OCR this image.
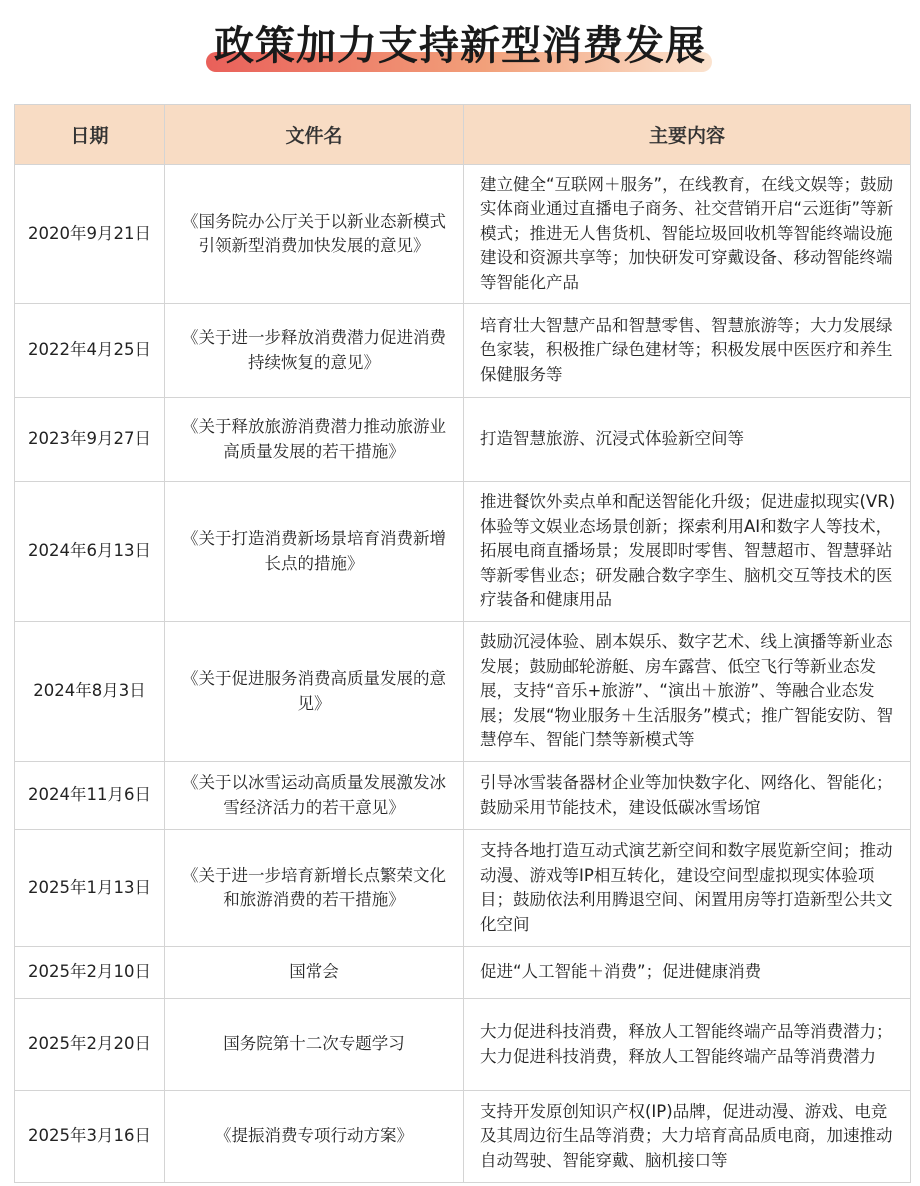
政策加力支持新型消费发展
日期	文件名	主要内容
2020年9月21日	《国务院办公厅关于以新业态新模式引领新型消费加快发展的意见》	建立健全“互联网＋服务”，在线教育，在线文娱等；鼓励实体商业通过直播电子商务、社交营销开启“云逛街”等新模式；推进无人售货机、智能垃圾回收机等智能终端设施建设和资源共享等；加快研发可穿戴设备、移动智能终端等智能化产品
2022年4月25日	《关于进一步释放消费潜力促进消费持续恢复的意见》	培育壮大智慧产品和智慧零售、智慧旅游等；大力发展绿色家装，积极推广绿色建材等；积极发展中医医疗和养生保健服务等
2023年9月27日	《关于释放旅游消费潜力推动旅游业高质量发展的若干措施》	打造智慧旅游、沉浸式体验新空间等
2024年6月13日	《关于打造消费新场景培育消费新增长点的措施》	推进餐饮外卖点单和配送智能化升级；促进虚拟现实(VR)体验等文娱业态场景创新；探索利用AI和数字人等技术，拓展电商直播场景；发展即时零售、智慧超市、智慧驿站等新零售业态；研发融合数字孪生、脑机交互等技术的医疗装备和健康用品
2024年8月3日	《关于促进服务消费高质量发展的意见》	鼓励沉浸体验、剧本娱乐、数字艺术、线上演播等新业态发展；鼓励邮轮游艇、房车露营、低空飞行等新业态发展，支持“音乐+旅游”、“演出＋旅游”、等融合业态发展；发展“物业服务＋生活服务”模式；推广智能安防、智慧停车、智能门禁等新模式等
2024年11月6日	《关于以冰雪运动高质量发展激发冰雪经济活力的若干意见》	引导冰雪装备器材企业等加快数字化、网络化、智能化；鼓励采用节能技术，建设低碳冰雪场馆
2025年1月13日	《关于进一步培育新增长点繁荣文化和旅游消费的若干措施》	支持各地打造互动式演艺新空间和数字展览新空间；推动动漫、游戏等IP相互转化，建设空间型虚拟现实体验项目；鼓励依法利用腾退空间、闲置用房等打造新型公共文化空间
2025年2月10日	国常会	促进“人工智能＋消费”；促进健康消费
2025年2月20日	国务院第十二次专题学习	大力促进科技消费，释放人工智能终端产品等消费潜力；大力促进科技消费，释放人工智能终端产品等消费潜力
2025年3月16日	《提振消费专项行动方案》	支持开发原创知识产权(IP)品牌，促进动漫、游戏、电竞及其周边衍生品等消费；大力培育高品质电商，加速推动自动驾驶、智能穿戴、脑机接口等
